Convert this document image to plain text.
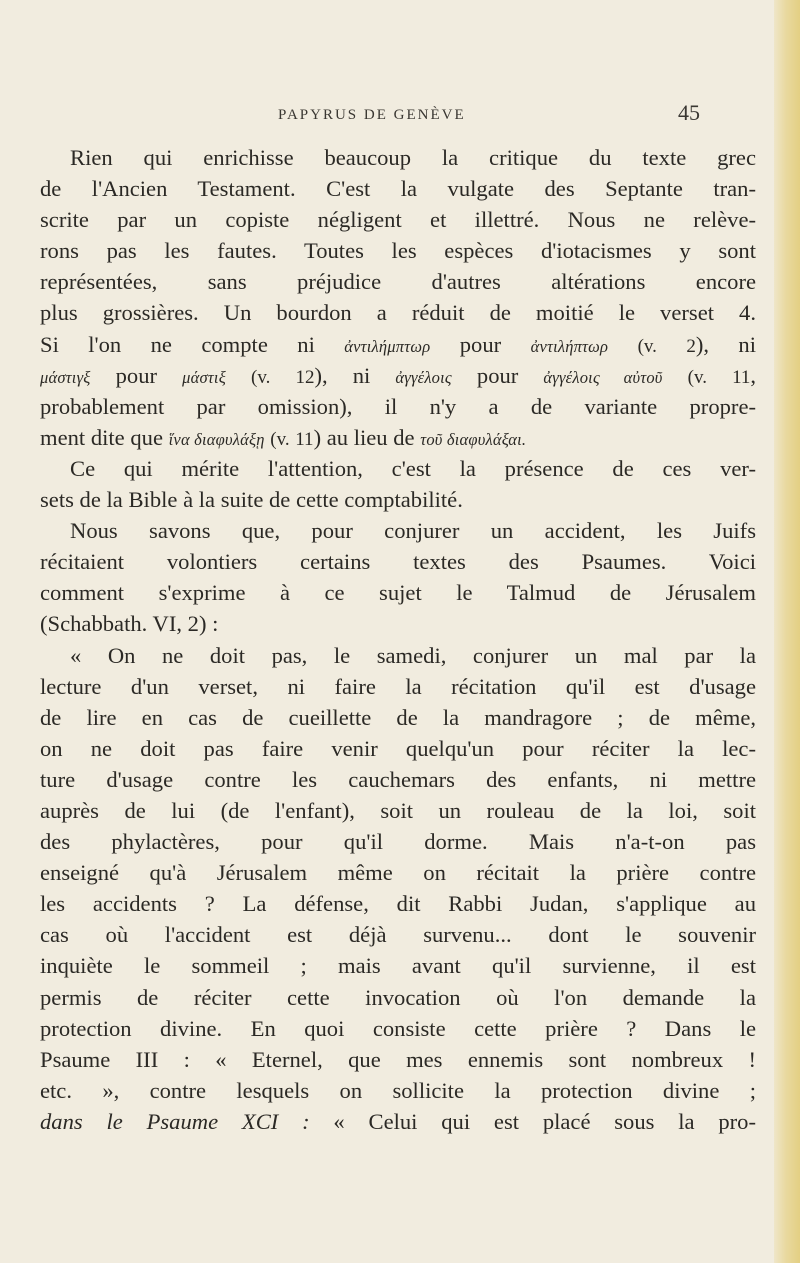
PAPYRUS DE GENÈVE	45
Rien qui enrichisse beaucoup la critique du texte grec
de l'Ancien Testament. C'est la vulgate des Septante tran-
scrite par un copiste négligent et illettré. Nous ne relève-
rons pas les fautes. Toutes les espèces d'iotacismes y sont
représentées, sans préjudice d'autres altérations encore
plus grossières. Un bourdon a réduit de moitié le verset 4.
Si l'on ne compte ni ἀντιλήμπτωρ pour ἀντιλήπτωρ (v. 2), ni
μάστιγξ pour μάστιξ (v. 12), ni ἀγγέλοις pour ἀγγέλοις αὐτοῦ (v. 11,
probablement par omission), il n'y a de variante propre-
ment dite que ἵνα διαφυλάξῃ (v. 11) au lieu de τοῦ διαφυλάξαι.
Ce qui mérite l'attention, c'est la présence de ces ver-
sets de la Bible à la suite de cette comptabilité.
Nous savons que, pour conjurer un accident, les Juifs
récitaient volontiers certains textes des Psaumes. Voici
comment s'exprime à ce sujet le Talmud de Jérusalem
(Schabbath. VI, 2) :
« On ne doit pas, le samedi, conjurer un mal par la
lecture d'un verset, ni faire la récitation qu'il est d'usage
de lire en cas de cueillette de la mandragore ; de même,
on ne doit pas faire venir quelqu'un pour réciter la lec-
ture d'usage contre les cauchemars des enfants, ni mettre
auprès de lui (de l'enfant), soit un rouleau de la loi, soit
des phylactères, pour qu'il dorme. Mais n'a-t-on pas
enseigné qu'à Jérusalem même on récitait la prière contre
les accidents ? La défense, dit Rabbi Judan, s'applique au
cas où l'accident est déjà survenu... dont le souvenir
inquiète le sommeil ; mais avant qu'il survienne, il est
permis de réciter cette invocation où l'on demande la
protection divine. En quoi consiste cette prière ? Dans le
Psaume III : « Eternel, que mes ennemis sont nombreux !
etc. », contre lesquels on sollicite la protection divine ;
dans le Psaume XCI : « Celui qui est placé sous la pro-
